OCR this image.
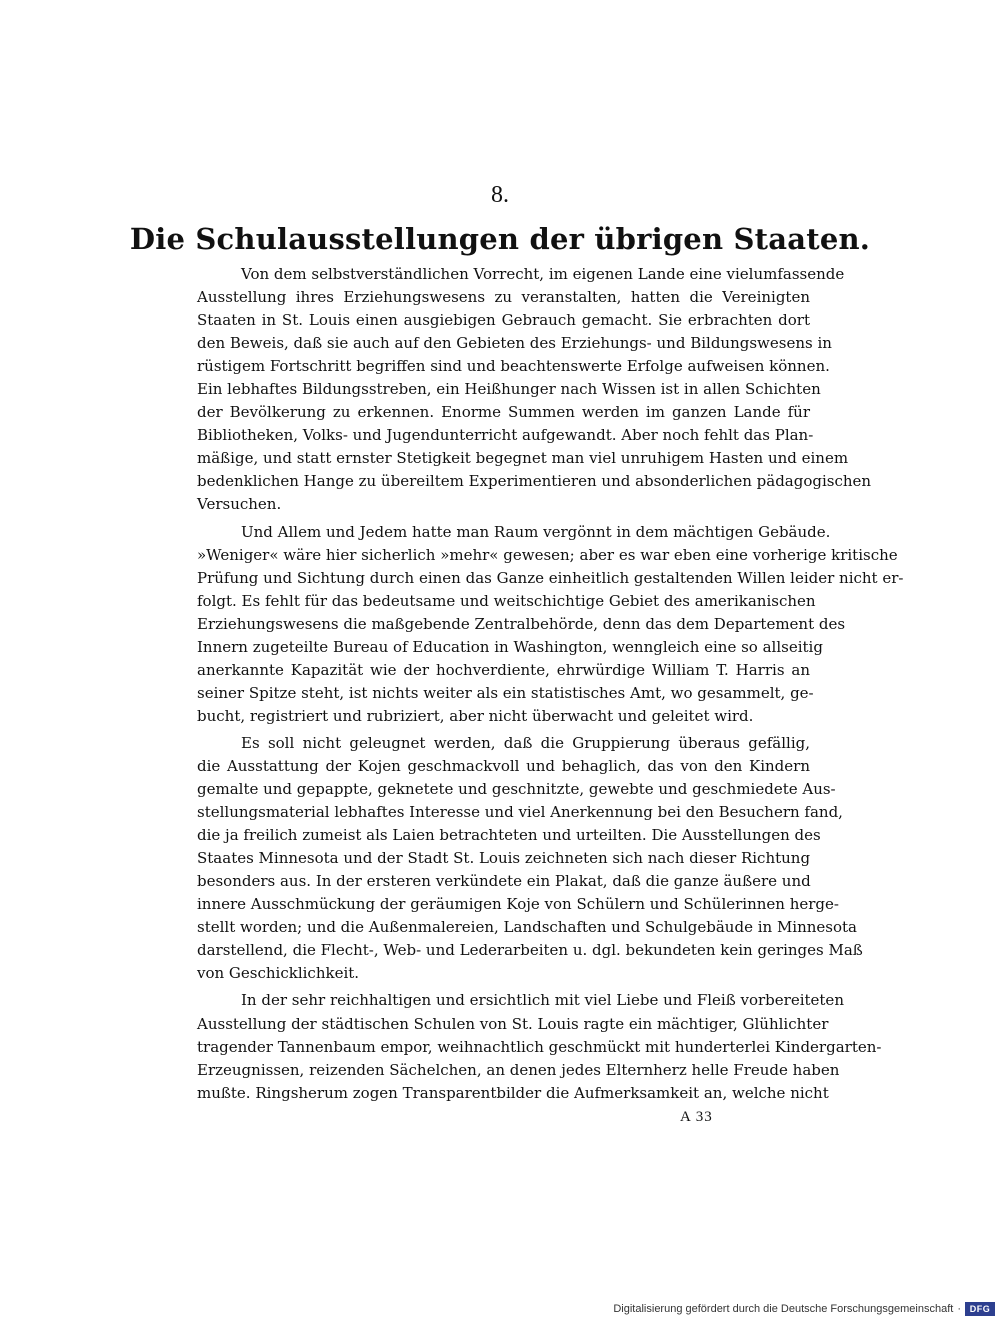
8.
Die Schulausstellungen der übrigen Staaten.
Von dem selbstverständlichen Vorrecht, im eigenen Lande eine vielumfassende
Ausstellung ihres Erziehungswesens zu veranstalten, hatten die Vereinigten
Staaten in St. Louis einen ausgiebigen Gebrauch gemacht. Sie erbrachten dort
den Beweis, daß sie auch auf den Gebieten des Erziehungs- und Bildungswesens in
rüstigem Fortschritt begriffen sind und beachtenswerte Erfolge aufweisen können.
Ein lebhaftes Bildungsstreben, ein Heißhunger nach Wissen ist in allen Schichten
der Bevölkerung zu erkennen. Enorme Summen werden im ganzen Lande für
Bibliotheken, Volks- und Jugendunterricht aufgewandt. Aber noch fehlt das Plan-
mäßige, und statt ernster Stetigkeit begegnet man viel unruhigem Hasten und einem
bedenklichen Hange zu übereiltem Experimentieren und absonderlichen pädagogischen
Versuchen.
Und Allem und Jedem hatte man Raum vergönnt in dem mächtigen Gebäude.
»Weniger« wäre hier sicherlich »mehr« gewesen; aber es war eben eine vorherige kritische
Prüfung und Sichtung durch einen das Ganze einheitlich gestaltenden Willen leider nicht er-
folgt. Es fehlt für das bedeutsame und weitschichtige Gebiet des amerikanischen
Erziehungswesens die maßgebende Zentralbehörde, denn das dem Departement des
Innern zugeteilte Bureau of Education in Washington, wenngleich eine so allseitig
anerkannte Kapazität wie der hochverdiente, ehrwürdige William T. Harris an
seiner Spitze steht, ist nichts weiter als ein statistisches Amt, wo gesammelt, ge-
bucht, registriert und rubriziert, aber nicht überwacht und geleitet wird.
Es soll nicht geleugnet werden, daß die Gruppierung überaus gefällig,
die Ausstattung der Kojen geschmackvoll und behaglich, das von den Kindern
gemalte und gepappte, geknetete und geschnitzte, gewebte und geschmiedete Aus-
stellungsmaterial lebhaftes Interesse und viel Anerkennung bei den Besuchern fand,
die ja freilich zumeist als Laien betrachteten und urteilten. Die Ausstellungen des
Staates Minnesota und der Stadt St. Louis zeichneten sich nach dieser Richtung
besonders aus. In der ersteren verkündete ein Plakat, daß die ganze äußere und
innere Ausschmückung der geräumigen Koje von Schülern und Schülerinnen herge-
stellt worden; und die Außenmalereien, Landschaften und Schulgebäude in Minnesota
darstellend, die Flecht-, Web- und Lederarbeiten u. dgl. bekundeten kein geringes Maß
von Geschicklichkeit.
In der sehr reichhaltigen und ersichtlich mit viel Liebe und Fleiß vorbereiteten
Ausstellung der städtischen Schulen von St. Louis ragte ein mächtiger, Glühlichter
tragender Tannenbaum empor, weihnachtlich geschmückt mit hunderterlei Kindergarten-
Erzeugnissen, reizenden Sächelchen, an denen jedes Elternherz helle Freude haben
mußte. Ringsherum zogen Transparentbilder die Aufmerksamkeit an, welche nicht
A 33
Digitalisierung gefördert durch die Deutsche Forschungsgemeinschaft · DFG
